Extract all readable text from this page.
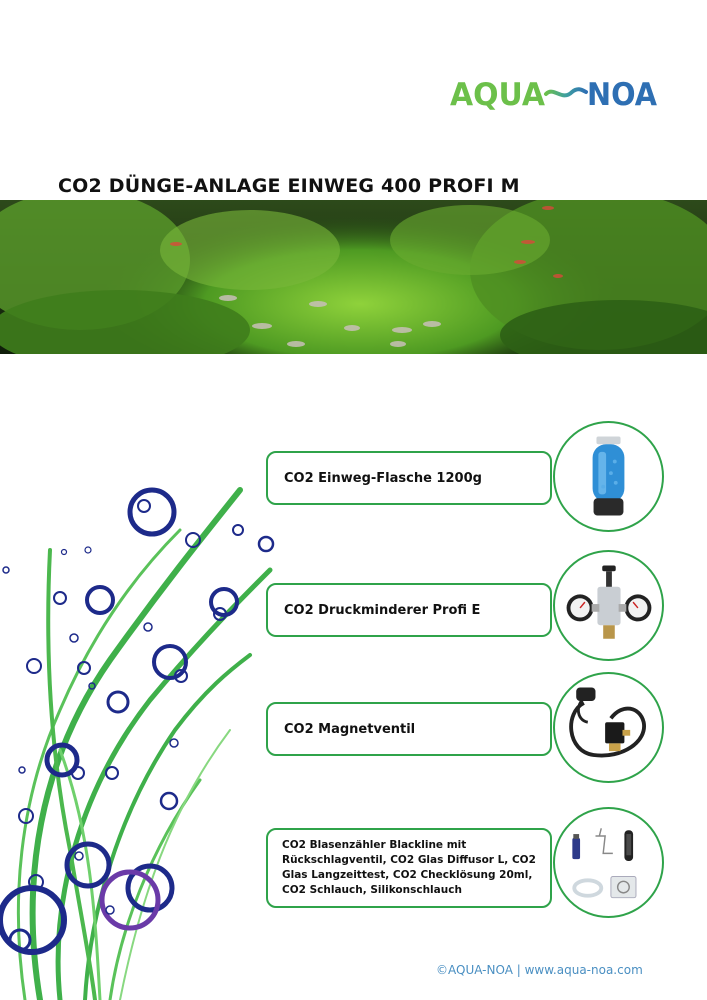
AQUA NOA
CO2 DÜNGE-ANLAGE EINWEG 400 PROFI M
CO2 Einweg-Flasche 1200g
CO2 Druckminderer Profi E
CO2 Magnetventil
CO2 Blasenzähler Blackline mit Rückschlagventil, CO2 Glas Diffusor L, CO2 Glas Langzeittest, CO2 Checklösung 20ml, CO2 Schlauch, Silikonschlauch
©AQUA-NOA | www.aqua-noa.com
